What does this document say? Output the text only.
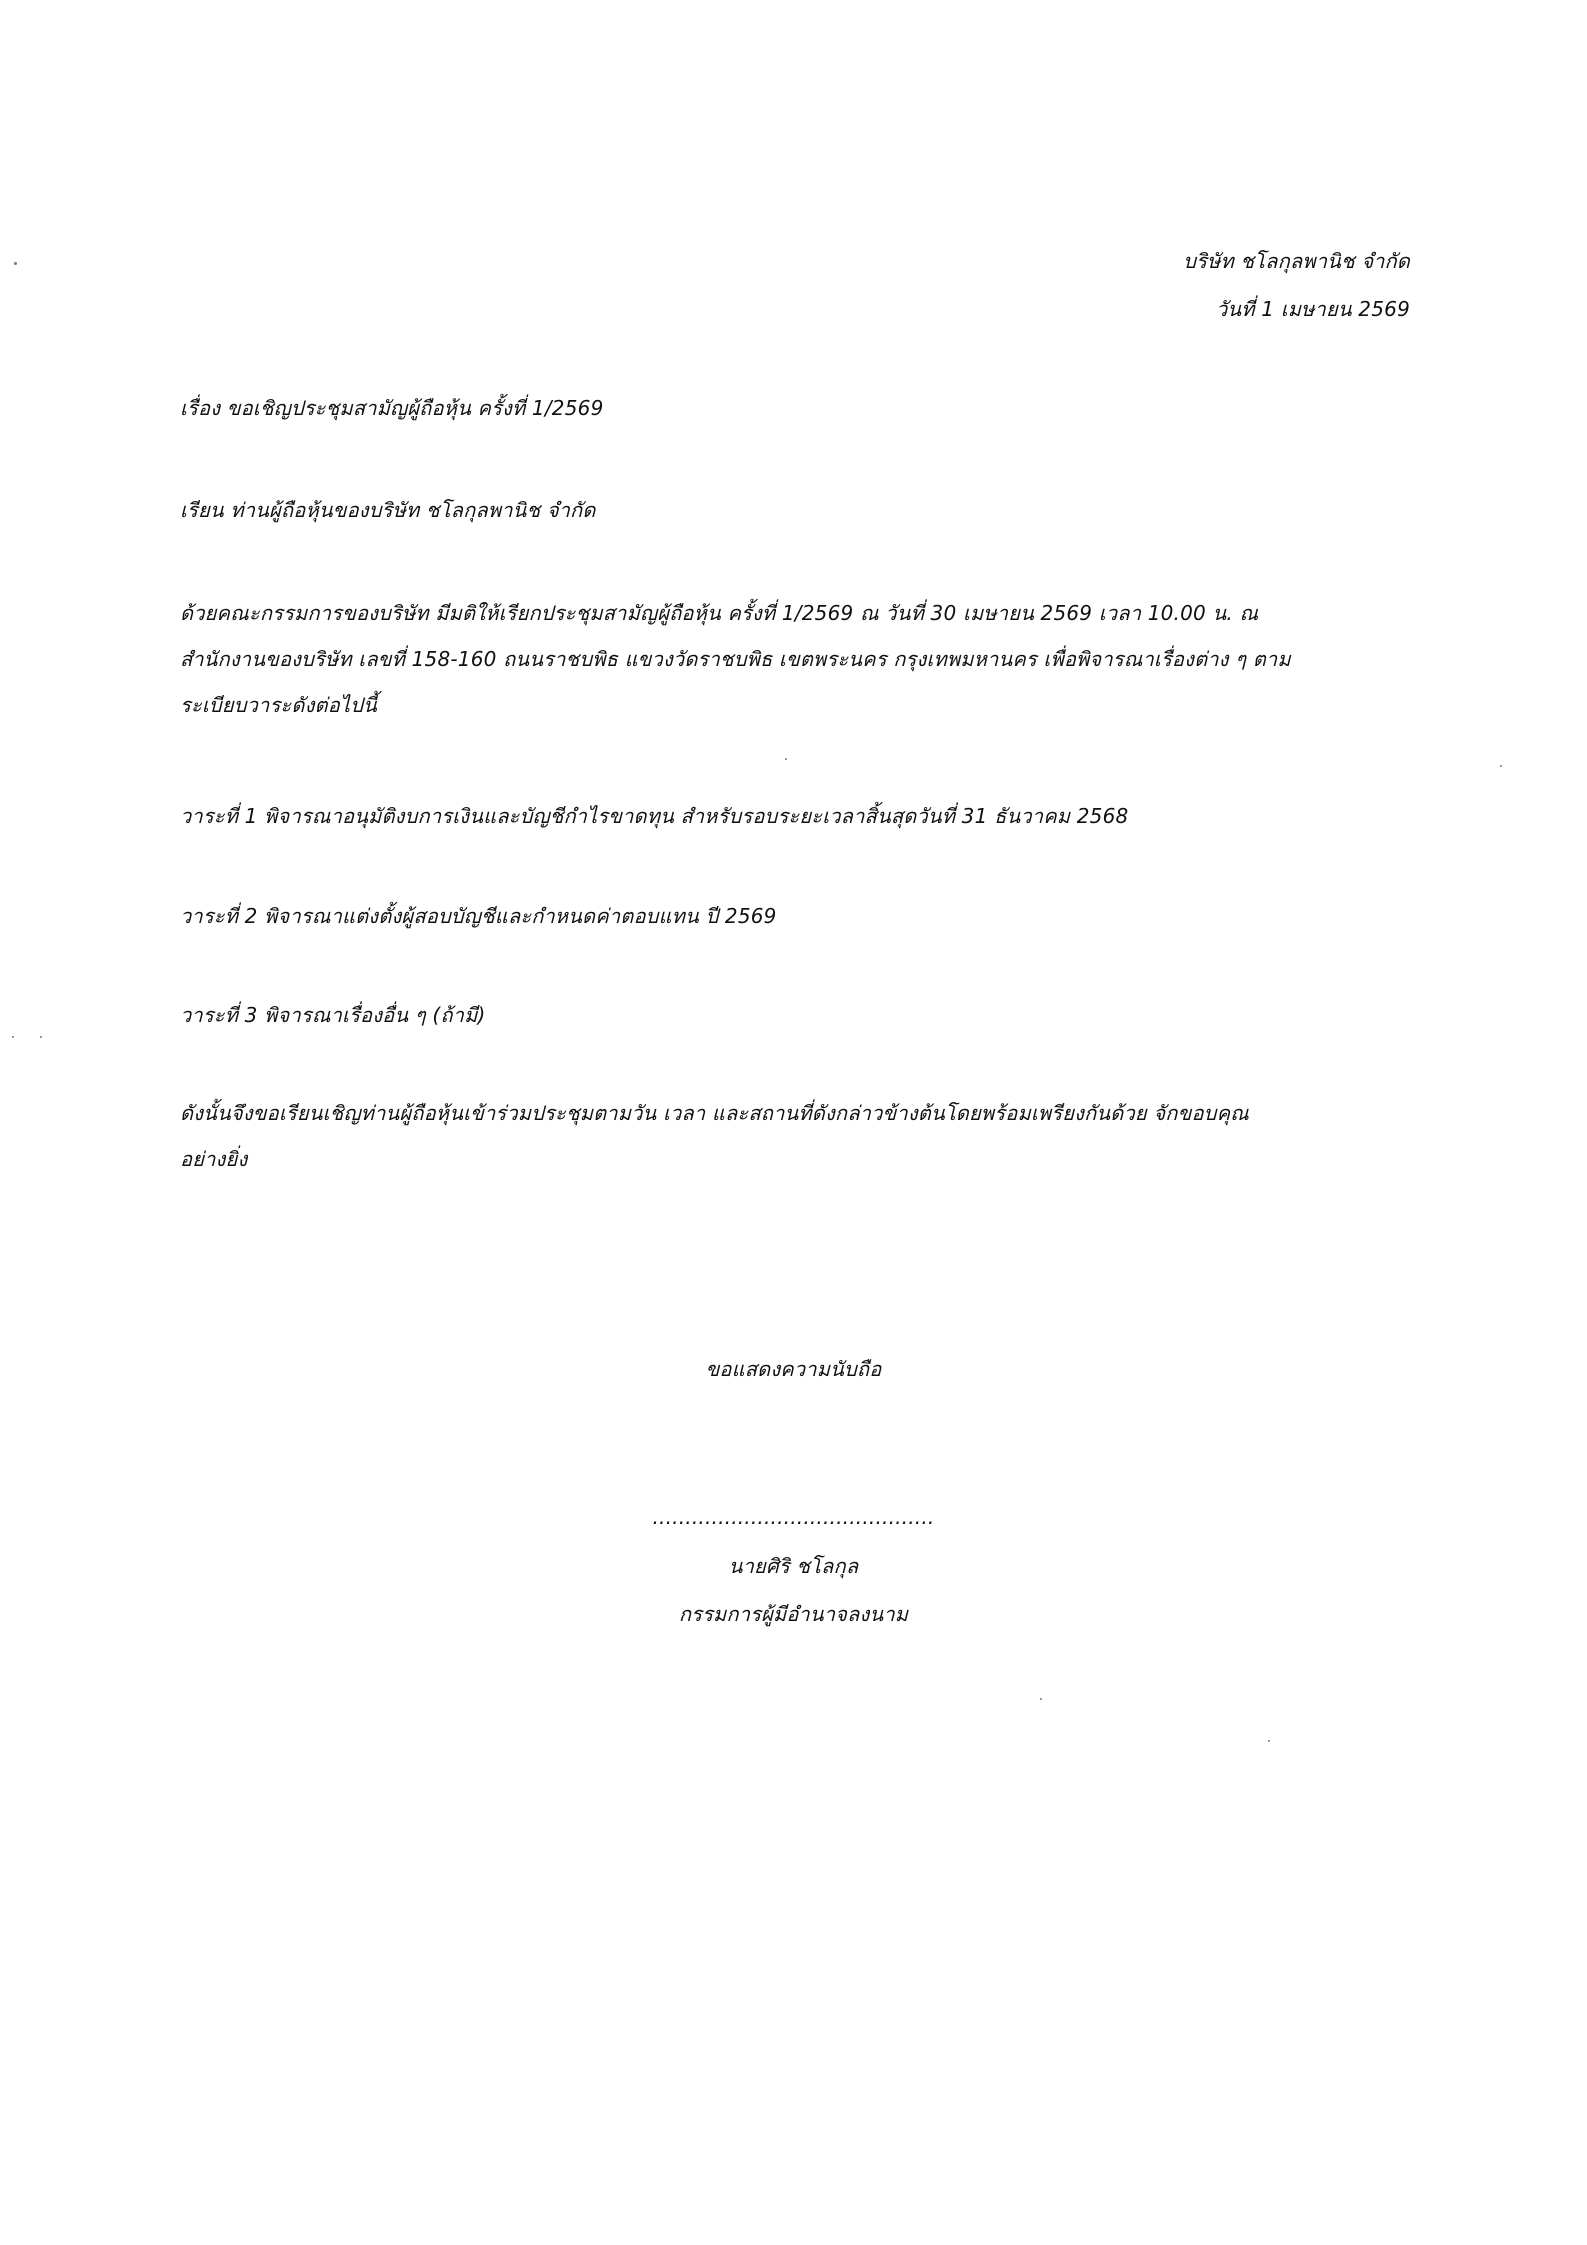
บริษัท ชโลกุลพานิช จำกัด
วันที่ 1 เมษายน 2569
เรื่อง ขอเชิญประชุมสามัญผู้ถือหุ้น ครั้งที่ 1/2569
เรียน ท่านผู้ถือหุ้นของบริษัท ชโลกุลพานิช จำกัด
ด้วยคณะกรรมการของบริษัท มีมติให้เรียกประชุมสามัญผู้ถือหุ้น ครั้งที่ 1/2569 ณ วันที่ 30 เมษายน 2569 เวลา 10.00 น. ณ
สำนักงานของบริษัท เลขที่ 158-160 ถนนราชบพิธ แขวงวัดราชบพิธ เขตพระนคร กรุงเทพมหานคร เพื่อพิจารณาเรื่องต่าง ๆ ตาม
ระเบียบวาระดังต่อไปนี้
วาระที่ 1 พิจารณาอนุมัติงบการเงินและบัญชีกำไรขาดทุน สำหรับรอบระยะเวลาสิ้นสุดวันที่ 31 ธันวาคม 2568
วาระที่ 2 พิจารณาแต่งตั้งผู้สอบบัญชีและกำหนดค่าตอบแทน ปี 2569
วาระที่ 3 พิจารณาเรื่องอื่น ๆ (ถ้ามี)
ดังนั้นจึงขอเรียนเชิญท่านผู้ถือหุ้นเข้าร่วมประชุมตามวัน เวลา และสถานที่ดังกล่าวข้างต้นโดยพร้อมเพรียงกันด้วย จักขอบคุณ
อย่างยิ่ง
ขอแสดงความนับถือ
...........................................
นายศิริ ชโลกุล
กรรมการผู้มีอำนาจลงนาม
